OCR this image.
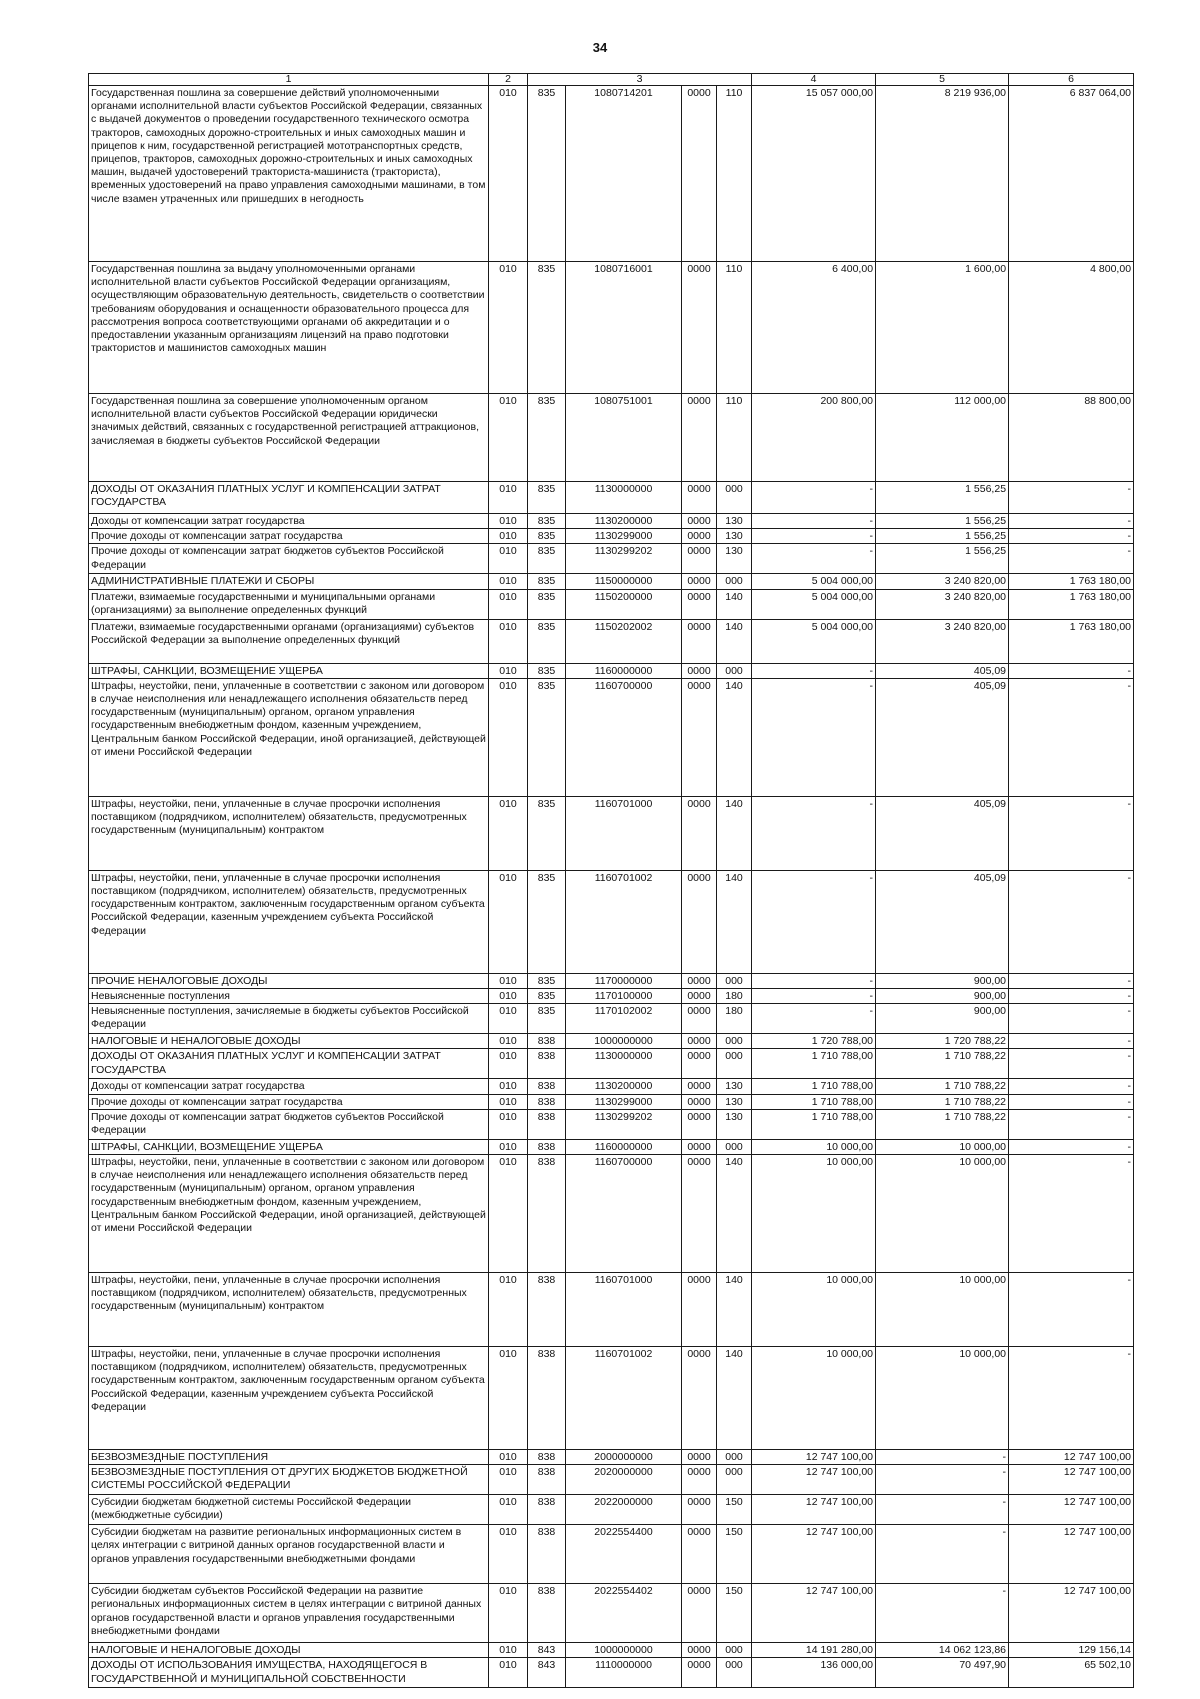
34
1	2	3				4	5	6
Государственная пошлина за совершение действий уполномоченными органами исполнительной власти субъектов Российской Федерации, связанных с выдачей документов о проведении государственного технического осмотра тракторов, самоходных дорожно-строительных и иных самоходных машин и прицепов к ним, государственной регистрацией мототранспортных средств, прицепов, тракторов, самоходных дорожно-строительных и иных самоходных машин, выдачей удостоверений тракториста-машиниста (тракториста), временных удостоверений на право управления самоходными машинами, в том числе взамен утраченных или пришедших в негодность	010	835	1080714201	0000	110	15 057 000,00	8 219 936,00	6 837 064,00
Государственная пошлина за выдачу уполномоченными органами исполнительной власти субъектов Российской Федерации организациям, осуществляющим образовательную деятельность, свидетельств о соответствии требованиям оборудования и оснащенности образовательного процесса для рассмотрения вопроса соответствующими органами об аккредитации и о предоставлении указанным организациям лицензий на право подготовки трактористов и машинистов самоходных машин	010	835	1080716001	0000	110	6 400,00	1 600,00	4 800,00
Государственная пошлина за совершение уполномоченным органом исполнительной власти субъектов Российской Федерации юридически значимых действий, связанных с государственной регистрацией аттракционов, зачисляемая в бюджеты субъектов Российской Федерации	010	835	1080751001	0000	110	200 800,00	112 000,00	88 800,00
ДОХОДЫ ОТ ОКАЗАНИЯ ПЛАТНЫХ УСЛУГ И КОМПЕНСАЦИИ ЗАТРАТ ГОСУДАРСТВА	010	835	1130000000	0000	000	-	1 556,25	-
Доходы от компенсации затрат государства	010	835	1130200000	0000	130	-	1 556,25	-
Прочие доходы от компенсации затрат государства	010	835	1130299000	0000	130	-	1 556,25	-
Прочие доходы от компенсации затрат бюджетов субъектов Российской Федерации	010	835	1130299202	0000	130	-	1 556,25	-
АДМИНИСТРАТИВНЫЕ ПЛАТЕЖИ И СБОРЫ	010	835	1150000000	0000	000	5 004 000,00	3 240 820,00	1 763 180,00
Платежи, взимаемые государственными и муниципальными органами (организациями) за выполнение определенных функций	010	835	1150200000	0000	140	5 004 000,00	3 240 820,00	1 763 180,00
Платежи, взимаемые государственными органами (организациями) субъектов Российской Федерации за выполнение определенных функций	010	835	1150202002	0000	140	5 004 000,00	3 240 820,00	1 763 180,00
ШТРАФЫ, САНКЦИИ, ВОЗМЕЩЕНИЕ УЩЕРБА	010	835	1160000000	0000	000	-	405,09	-
Штрафы, неустойки, пени, уплаченные в соответствии с законом или договором в случае неисполнения или ненадлежащего исполнения обязательств перед государственным (муниципальным) органом, органом управления государственным внебюджетным фондом, казенным учреждением, Центральным банком Российской Федерации, иной организацией, действующей от имени Российской Федерации	010	835	1160700000	0000	140	-	405,09	-
Штрафы, неустойки, пени, уплаченные в случае просрочки исполнения поставщиком (подрядчиком, исполнителем) обязательств, предусмотренных государственным (муниципальным) контрактом	010	835	1160701000	0000	140	-	405,09	-
Штрафы, неустойки, пени, уплаченные в случае просрочки исполнения поставщиком (подрядчиком, исполнителем) обязательств, предусмотренных государственным контрактом, заключенным государственным органом субъекта Российской Федерации, казенным учреждением субъекта Российской Федерации	010	835	1160701002	0000	140	-	405,09	-
ПРОЧИЕ НЕНАЛОГОВЫЕ ДОХОДЫ	010	835	1170000000	0000	000	-	900,00	-
Невыясненные поступления	010	835	1170100000	0000	180	-	900,00	-
Невыясненные поступления, зачисляемые в бюджеты субъектов Российской Федерации	010	835	1170102002	0000	180	-	900,00	-
НАЛОГОВЫЕ И НЕНАЛОГОВЫЕ ДОХОДЫ	010	838	1000000000	0000	000	1 720 788,00	1 720 788,22	-
ДОХОДЫ ОТ ОКАЗАНИЯ ПЛАТНЫХ УСЛУГ И КОМПЕНСАЦИИ ЗАТРАТ ГОСУДАРСТВА	010	838	1130000000	0000	000	1 710 788,00	1 710 788,22	-
Доходы от компенсации затрат государства	010	838	1130200000	0000	130	1 710 788,00	1 710 788,22	-
Прочие доходы от компенсации затрат государства	010	838	1130299000	0000	130	1 710 788,00	1 710 788,22	-
Прочие доходы от компенсации затрат бюджетов субъектов Российской Федерации	010	838	1130299202	0000	130	1 710 788,00	1 710 788,22	-
ШТРАФЫ, САНКЦИИ, ВОЗМЕЩЕНИЕ УЩЕРБА	010	838	1160000000	0000	000	10 000,00	10 000,00	-
Штрафы, неустойки, пени, уплаченные в соответствии с законом или договором в случае неисполнения или ненадлежащего исполнения обязательств перед государственным (муниципальным) органом, органом управления государственным внебюджетным фондом, казенным учреждением, Центральным банком Российской Федерации, иной организацией, действующей от имени Российской Федерации	010	838	1160700000	0000	140	10 000,00	10 000,00	-
Штрафы, неустойки, пени, уплаченные в случае просрочки исполнения поставщиком (подрядчиком, исполнителем) обязательств, предусмотренных государственным (муниципальным) контрактом	010	838	1160701000	0000	140	10 000,00	10 000,00	-
Штрафы, неустойки, пени, уплаченные в случае просрочки исполнения поставщиком (подрядчиком, исполнителем) обязательств, предусмотренных государственным контрактом, заключенным государственным органом субъекта Российской Федерации, казенным учреждением субъекта Российской Федерации	010	838	1160701002	0000	140	10 000,00	10 000,00	-
БЕЗВОЗМЕЗДНЫЕ ПОСТУПЛЕНИЯ	010	838	2000000000	0000	000	12 747 100,00	-	12 747 100,00
БЕЗВОЗМЕЗДНЫЕ ПОСТУПЛЕНИЯ ОТ ДРУГИХ БЮДЖЕТОВ БЮДЖЕТНОЙ СИСТЕМЫ РОССИЙСКОЙ ФЕДЕРАЦИИ	010	838	2020000000	0000	000	12 747 100,00	-	12 747 100,00
Субсидии бюджетам бюджетной системы Российской Федерации (межбюджетные субсидии)	010	838	2022000000	0000	150	12 747 100,00	-	12 747 100,00
Субсидии бюджетам на развитие региональных информационных систем в целях интеграции с витриной данных органов государственной власти и органов управления государственными внебюджетными фондами	010	838	2022554400	0000	150	12 747 100,00	-	12 747 100,00
Субсидии бюджетам субъектов Российской Федерации на развитие региональных информационных систем в целях интеграции с витриной данных органов государственной власти и органов управления государственными внебюджетными фондами	010	838	2022554402	0000	150	12 747 100,00	-	12 747 100,00
НАЛОГОВЫЕ И НЕНАЛОГОВЫЕ ДОХОДЫ	010	843	1000000000	0000	000	14 191 280,00	14 062 123,86	129 156,14
ДОХОДЫ ОТ ИСПОЛЬЗОВАНИЯ ИМУЩЕСТВА, НАХОДЯЩЕГОСЯ В ГОСУДАРСТВЕННОЙ И МУНИЦИПАЛЬНОЙ СОБСТВЕННОСТИ	010	843	1110000000	0000	000	136 000,00	70 497,90	65 502,10
